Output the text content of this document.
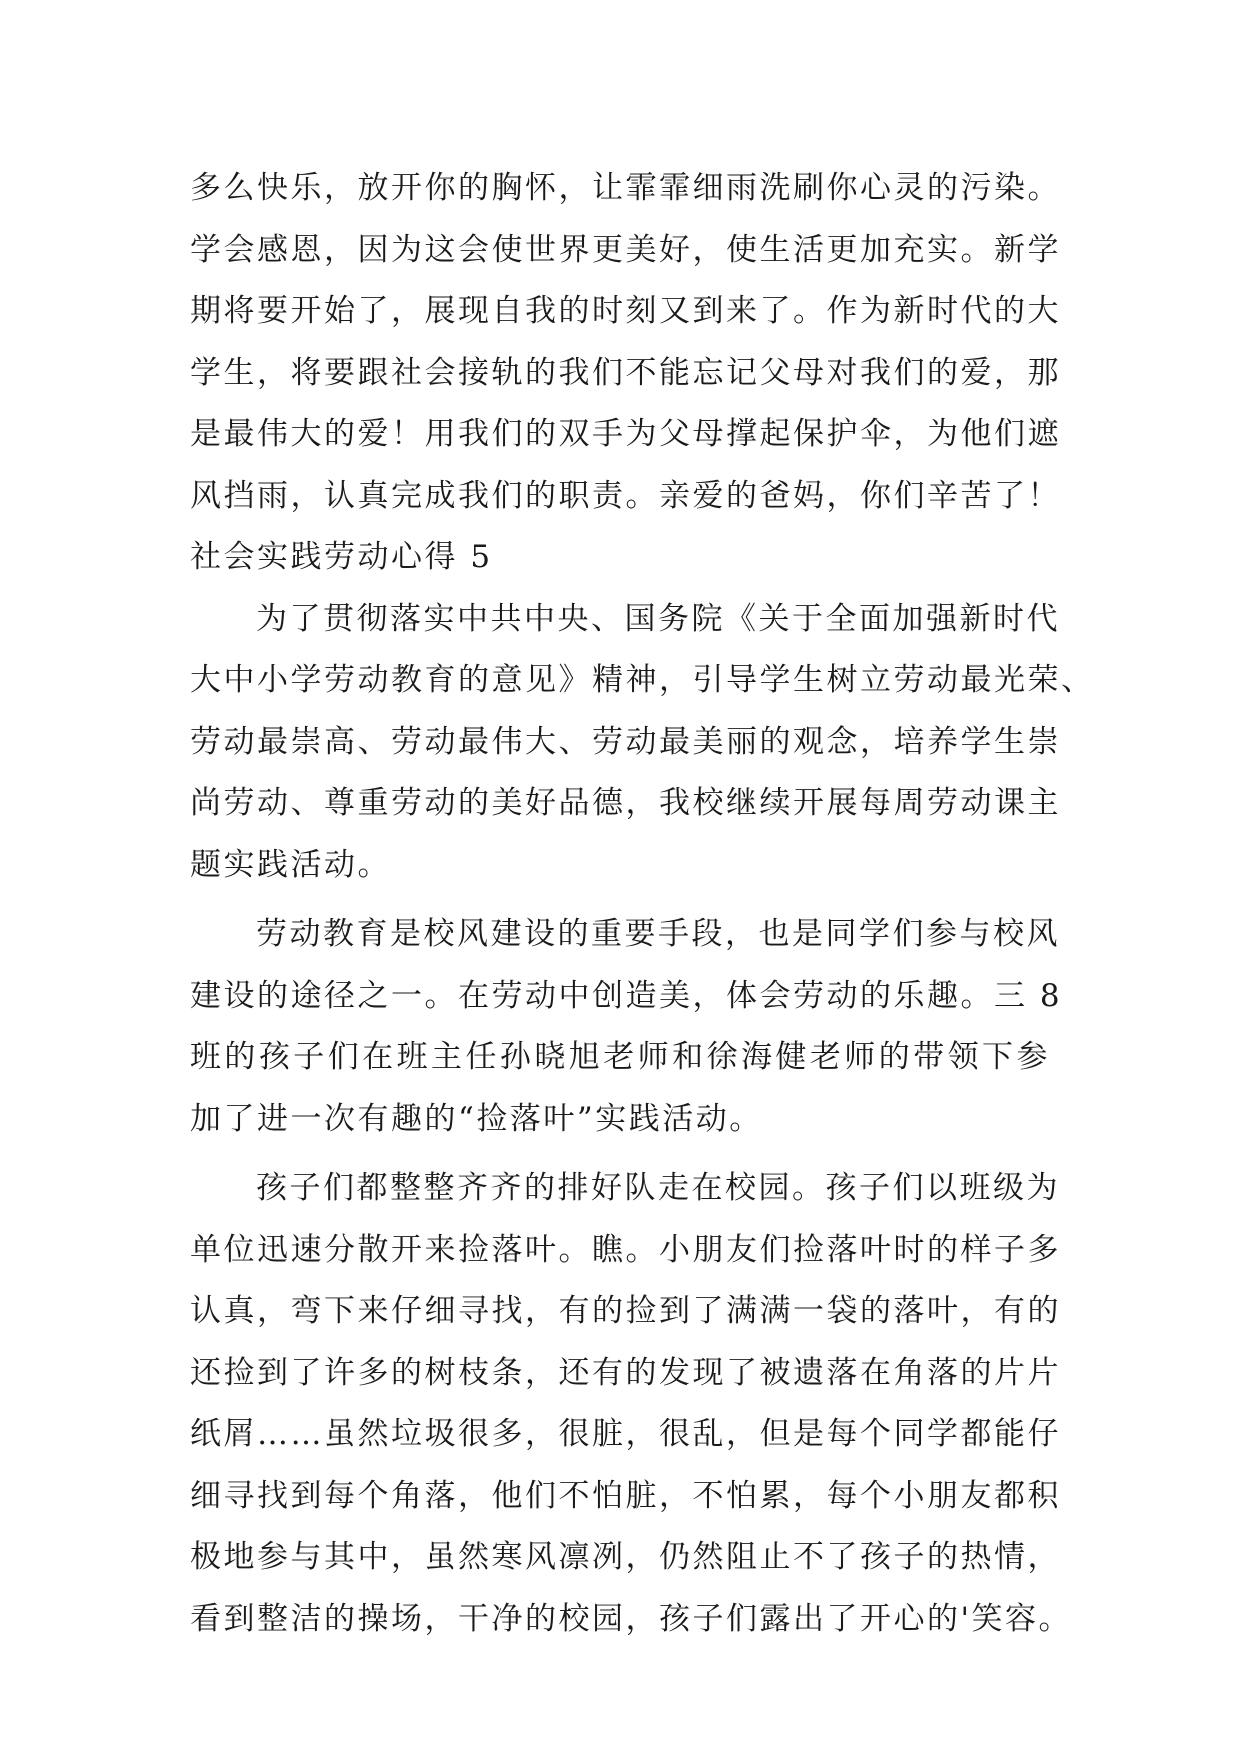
多么快乐，放开你的胸怀，让霏霏细雨洗刷你心灵的污染。
学会感恩，因为这会使世界更美好，使生活更加充实。新学
期将要开始了，展现自我的时刻又到来了。作为新时代的大
学生，将要跟社会接轨的我们不能忘记父母对我们的爱，那
是最伟大的爱！用我们的双手为父母撑起保护伞，为他们遮
风挡雨，认真完成我们的职责。亲爱的爸妈，你们辛苦了！
社会实践劳动心得 5
为了贯彻落实中共中央、国务院《关于全面加强新时代
大中小学劳动教育的意见》精神，引导学生树立劳动最光荣、
劳动最崇高、劳动最伟大、劳动最美丽的观念，培养学生崇
尚劳动、尊重劳动的美好品德，我校继续开展每周劳动课主
题实践活动。
劳动教育是校风建设的重要手段，也是同学们参与校风
建设的途径之一。在劳动中创造美，体会劳动的乐趣。三 8
班的孩子们在班主任孙晓旭老师和徐海健老师的带领下参
加了进一次有趣的“捡落叶”实践活动。
孩子们都整整齐齐的排好队走在校园。孩子们以班级为
单位迅速分散开来捡落叶。瞧。小朋友们捡落叶时的样子多
认真，弯下来仔细寻找，有的捡到了满满一袋的落叶，有的
还捡到了许多的树枝条，还有的发现了被遗落在角落的片片
纸屑……虽然垃圾很多，很脏，很乱，但是每个同学都能仔
细寻找到每个角落，他们不怕脏，不怕累，每个小朋友都积
极地参与其中，虽然寒风凛冽，仍然阻止不了孩子的热情，
看到整洁的操场，干净的校园，孩子们露出了开心的'笑容。
